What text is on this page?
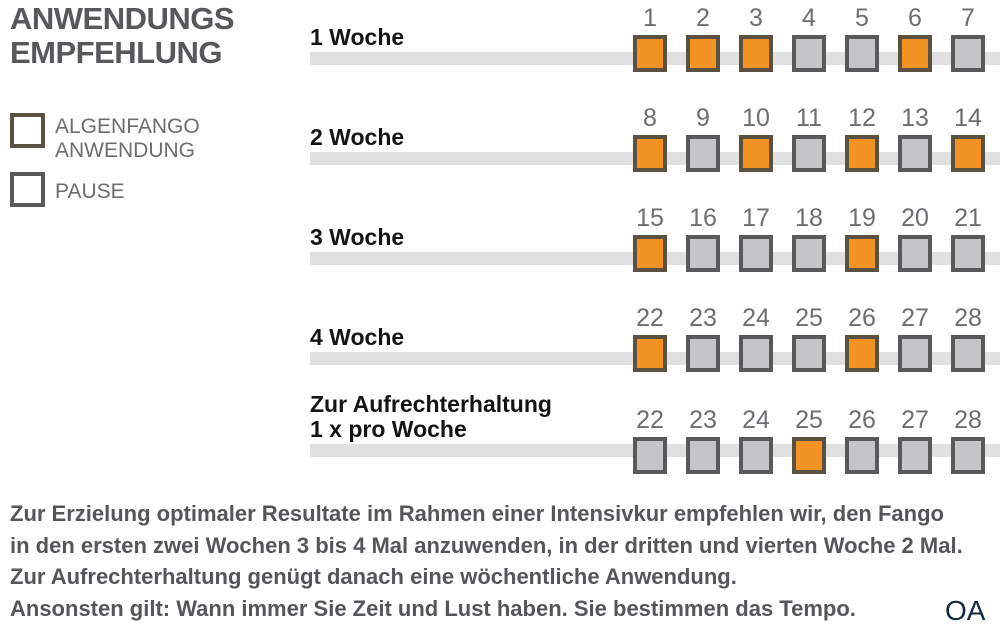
ANWENDUNGS
EMPFEHLUNG
ALGENFANGO
ANWENDUNG
PAUSE
1 Woche
1 2 3 4 5 6 7
2 Woche
8 9 10 11 12 13 14
3 Woche
15 16 17 18 19 20 21
4 Woche
22 23 24 25 26 27 28
Zur Aufrechterhaltung
1 x pro Woche	22 23 24 25 26 27 28
Zur Erzielung optimaler Resultate im Rahmen einer Intensivkur empfehlen wir, den Fango
in den ersten zwei Wochen 3 bis 4 Mal anzuwenden, in der dritten und vierten Woche 2 Mal.
Zur Aufrechterhaltung genügt danach eine wöchentliche Anwendung.
Ansonsten gilt: Wann immer Sie Zeit und Lust haben. Sie bestimmen das Tempo.	OA
